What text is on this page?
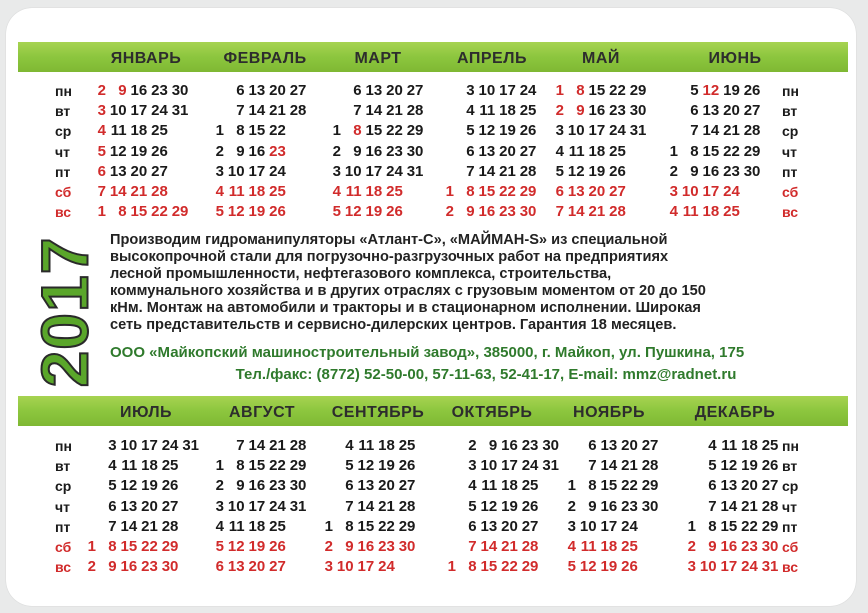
ЯНВАРЬ
2 9 16 23 30
3 10 17 24 31
4 11 18 25
5 12 19 26
6 13 20 27
7 14 21 28
1 8 15 22 29
ФЕВРАЛЬ
6 13 20 27
7 14 21 28
1 8 15 22
2 9 16 23
3 10 17 24
4 11 18 25
5 12 19 26
МАРТ
6 13 20 27
7 14 21 28
1 8 15 22 29
2 9 16 23 30
3 10 17 24 31
4 11 18 25
5 12 19 26
АПРЕЛЬ
3 10 17 24
4 11 18 25
5 12 19 26
6 13 20 27
7 14 21 28
1 8 15 22 29
2 9 16 23 30
МАЙ
1 8 15 22 29
2 9 16 23 30
3 10 17 24 31
4 11 18 25
5 12 19 26
6 13 20 27
7 14 21 28
ИЮНЬ
5 12 19 26
6 13 20 27
7 14 21 28
1 8 15 22 29
2 9 16 23 30
3 10 17 24
4 11 18 25
ИЮЛЬ
3 10 17 24 31
4 11 18 25
5 12 19 26
6 13 20 27
7 14 21 28
1 8 15 22 29
2 9 16 23 30
АВГУСТ
7 14 21 28
1 8 15 22 29
2 9 16 23 30
3 10 17 24 31
4 11 18 25
5 12 19 26
6 13 20 27
СЕНТЯБРЬ
4 11 18 25
5 12 19 26
6 13 20 27
7 14 21 28
1 8 15 22 29
2 9 16 23 30
3 10 17 24
ОКТЯБРЬ
2 9 16 23 30
3 10 17 24 31
4 11 18 25
5 12 19 26
6 13 20 27
7 14 21 28
1 8 15 22 29
НОЯБРЬ
6 13 20 27
7 14 21 28
1 8 15 22 29
2 9 16 23 30
3 10 17 24
4 11 18 25
5 12 19 26
ДЕКАБРЬ
4 11 18 25
5 12 19 26
6 13 20 27
7 14 21 28
1 8 15 22 29
2 9 16 23 30
3 10 17 24 31
пн
пн
пн
пн
вт
вт
вт
вт
ср
ср
ср
ср
чт
чт
чт
чт
пт
пт
пт
пт
сб
сб
сб
сб
вс
вс
вс
вс
2017 Производим гидроманипуляторы «Атлант-С», «МАЙМАН-S» из специальной
высокопрочной стали для погрузочно-разгрузочных работ на предприятиях
лесной промышленности, нефтегазового комплекса, строительства,
коммунального хозяйства и в других отраслях с грузовым моментом от 20 до 150
кНм. Монтаж на автомобили и тракторы и в стационарном исполнении. Широкая
сеть представительств и сервисно-дилерских центров. Гарантия 18 месяцев.
ООО «Майкопский машиностроительный завод», 385000, г. Майкоп, ул. Пушкина, 175
Тел./факс: (8772) 52-50-00, 57-11-63, 52-41-17, E-mail: mmz@radnet.ru
